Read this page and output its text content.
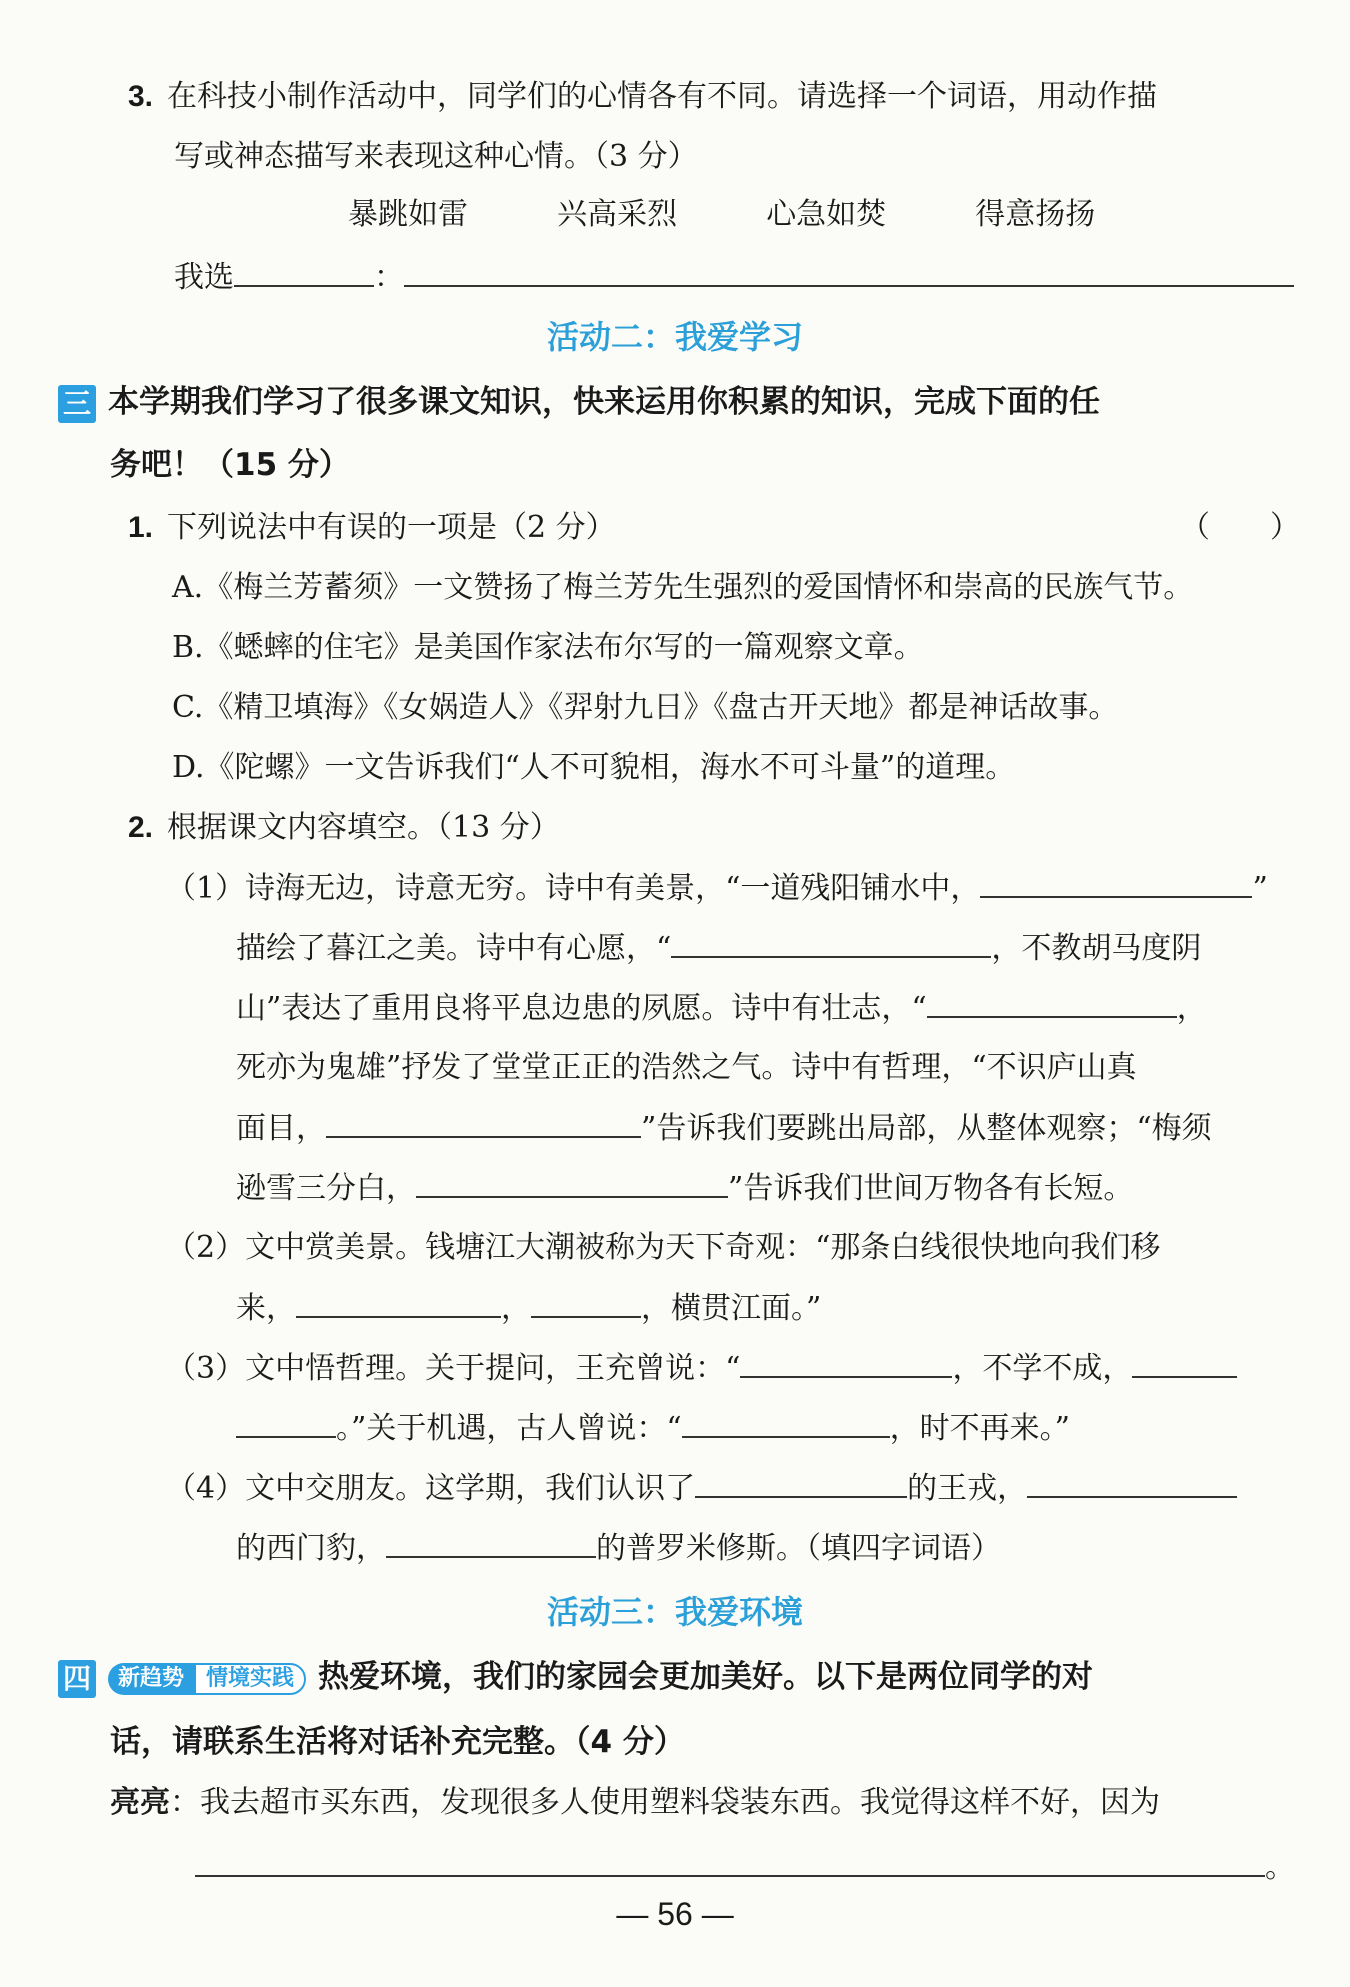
3. 在科技小制作活动中，同学们的心情各有不同。请选择一个词语，用动作描
写或神态描写来表现这种心情。（3 分）
暴跳如雷	兴高采烈	心急如焚	得意扬扬
我选	：
活动二：我爱学习
三 本学期我们学习了很多课文知识，快来运用你积累的知识，完成下面的任
务吧！（15 分）
1. 下列说法中有误的一项是（2 分）	（　　）
A.《梅兰芳蓄须》一文赞扬了梅兰芳先生强烈的爱国情怀和崇高的民族气节。
B.《蟋蟀的住宅》是美国作家法布尔写的一篇观察文章。
C.《精卫填海》《女娲造人》《羿射九日》《盘古开天地》都是神话故事。
D.《陀螺》一文告诉我们“人不可貌相，海水不可斗量”的道理。
2. 根据课文内容填空。（13 分）
（1）诗海无边，诗意无穷。诗中有美景，“一道残阳铺水中，	”
描绘了暮江之美。诗中有心愿，“	，不教胡马度阴
山”表达了重用良将平息边患的夙愿。诗中有壮志，“	，
死亦为鬼雄”抒发了堂堂正正的浩然之气。诗中有哲理，“不识庐山真
面目，	”告诉我们要跳出局部，从整体观察；“梅须
逊雪三分白，	”告诉我们世间万物各有长短。
（2）文中赏美景。钱塘江大潮被称为天下奇观：“那条白线很快地向我们移
来，	，	，横贯江面。”
（3）文中悟哲理。关于提问，王充曾说：“	，不学不成，
。”关于机遇，古人曾说：“	，时不再来。”
（4）文中交朋友。这学期，我们认识了	的王戎，
的西门豹，	的普罗米修斯。（填四字词语）
活动三：我爱环境
四 新趋势 情境实践 热爱环境，我们的家园会更加美好。以下是两位同学的对
话，请联系生活将对话补充完整。（4 分）
亮亮：我去超市买东西，发现很多人使用塑料袋装东西。我觉得这样不好，因为
。
— 56 —
